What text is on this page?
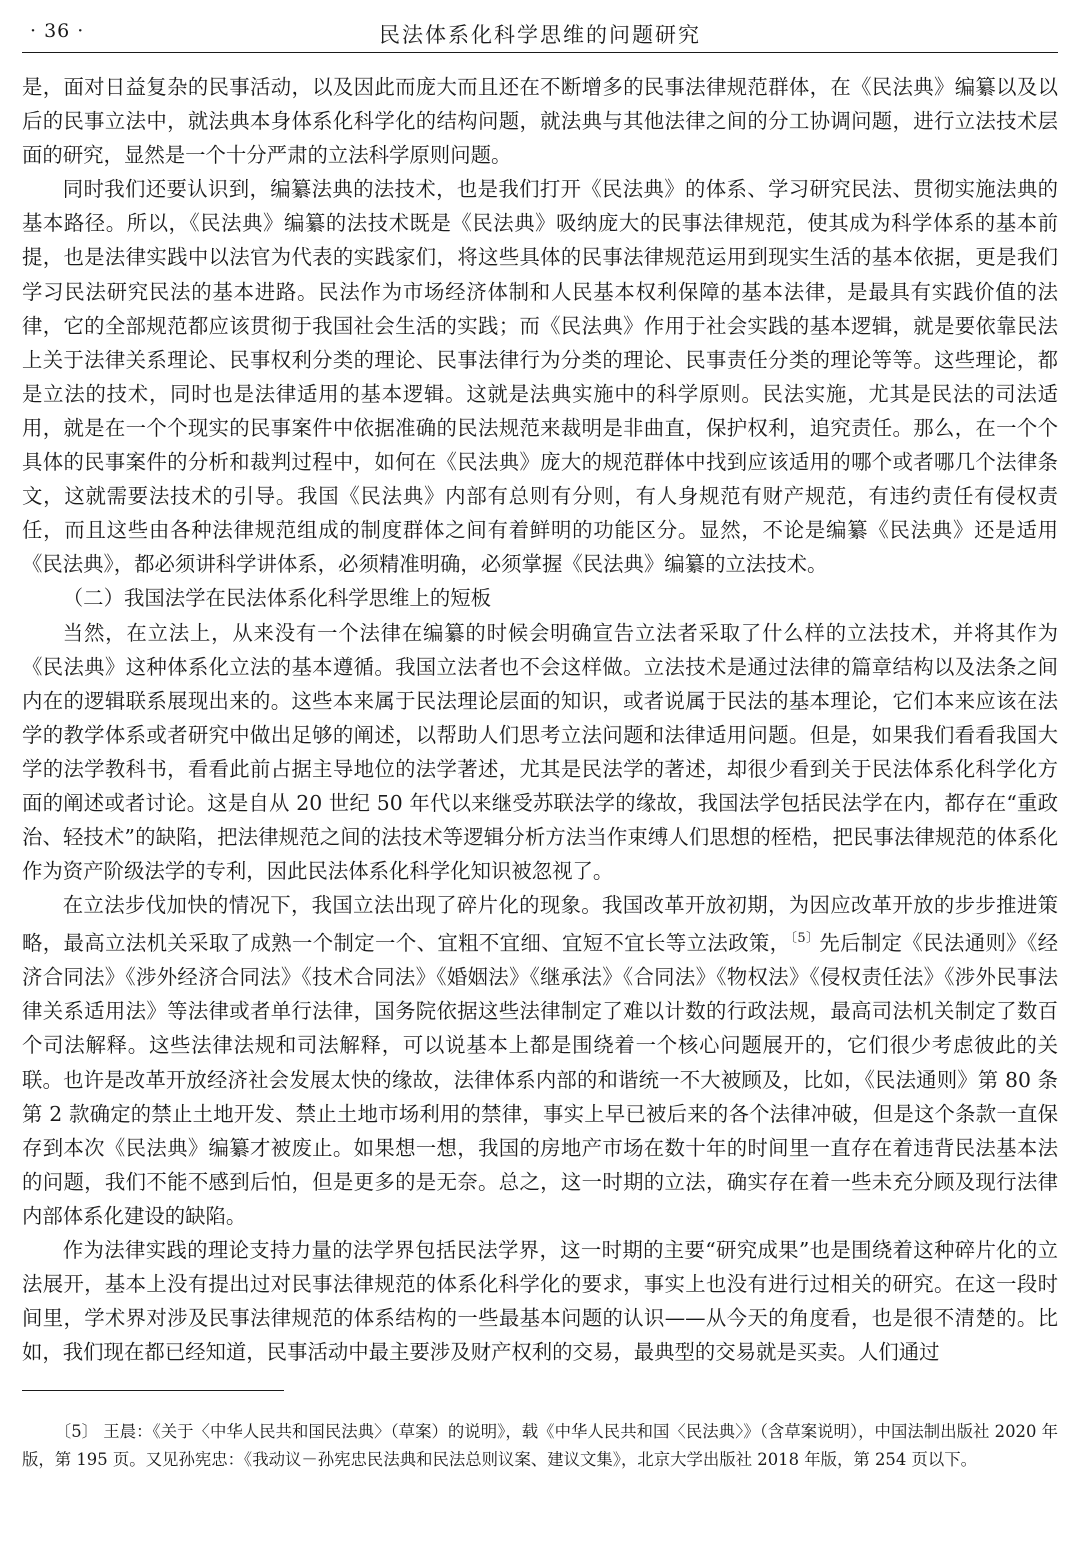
· 36 ·	民法体系化科学思维的问题研究

是，面对日益复杂的民事活动，以及因此而庞大而且还在不断增多的民事法律规范群体，在《民法典》编纂以及以后的民事立法中，就法典本身体系化科学化的结构问题，就法典与其他法律之间的分工协调问题，进行立法技术层面的研究，显然是一个十分严肃的立法科学原则问题。

同时我们还要认识到，编纂法典的法技术，也是我们打开《民法典》的体系、学习研究民法、贯彻实施法典的基本路径。所以，《民法典》编纂的法技术既是《民法典》吸纳庞大的民事法律规范，使其成为科学体系的基本前提，也是法律实践中以法官为代表的实践家们，将这些具体的民事法律规范运用到现实生活的基本依据，更是我们学习民法研究民法的基本进路。民法作为市场经济体制和人民基本权利保障的基本法律，是最具有实践价值的法律，它的全部规范都应该贯彻于我国社会生活的实践；而《民法典》作用于社会实践的基本逻辑，就是要依靠民法上关于法律关系理论、民事权利分类的理论、民事法律行为分类的理论、民事责任分类的理论等等。这些理论，都是立法的技术，同时也是法律适用的基本逻辑。这就是法典实施中的科学原则。民法实施，尤其是民法的司法适用，就是在一个个现实的民事案件中依据准确的民法规范来裁明是非曲直，保护权利，追究责任。那么，在一个个具体的民事案件的分析和裁判过程中，如何在《民法典》庞大的规范群体中找到应该适用的哪个或者哪几个法律条文，这就需要法技术的引导。我国《民法典》内部有总则有分则，有人身规范有财产规范，有违约责任有侵权责任，而且这些由各种法律规范组成的制度群体之间有着鲜明的功能区分。显然，不论是编纂《民法典》还是适用《民法典》，都必须讲科学讲体系，必须精准明确，必须掌握《民法典》编纂的立法技术。

（二）我国法学在民法体系化科学思维上的短板

当然，在立法上，从来没有一个法律在编纂的时候会明确宣告立法者采取了什么样的立法技术，并将其作为《民法典》这种体系化立法的基本遵循。我国立法者也不会这样做。立法技术是通过法律的篇章结构以及法条之间内在的逻辑联系展现出来的。这些本来属于民法理论层面的知识，或者说属于民法的基本理论，它们本来应该在法学的教学体系或者研究中做出足够的阐述，以帮助人们思考立法问题和法律适用问题。但是，如果我们看看我国大学的法学教科书，看看此前占据主导地位的法学著述，尤其是民法学的著述，却很少看到关于民法体系化科学化方面的阐述或者讨论。这是自从 20 世纪 50 年代以来继受苏联法学的缘故，我国法学包括民法学在内，都存在“重政治、轻技术”的缺陷，把法律规范之间的法技术等逻辑分析方法当作束缚人们思想的桎梏，把民事法律规范的体系化作为资产阶级法学的专利，因此民法体系化科学化知识被忽视了。

在立法步伐加快的情况下，我国立法出现了碎片化的现象。我国改革开放初期，为因应改革开放的步步推进策略，最高立法机关采取了成熟一个制定一个、宜粗不宜细、宜短不宜长等立法政策，$^{〔5〕}$先后制定《民法通则》《经济合同法》《涉外经济合同法》《技术合同法》《婚姻法》《继承法》《合同法》《物权法》《侵权责任法》《涉外民事法律关系适用法》等法律或者单行法律，国务院依据这些法律制定了难以计数的行政法规，最高司法机关制定了数百个司法解释。这些法律法规和司法解释，可以说基本上都是围绕着一个核心问题展开的，它们很少考虑彼此的关联。也许是改革开放经济社会发展太快的缘故，法律体系内部的和谐统一不大被顾及，比如，《民法通则》第 80 条第 2 款确定的禁止土地开发、禁止土地市场利用的禁律，事实上早已被后来的各个法律冲破，但是这个条款一直保存到本次《民法典》编纂才被废止。如果想一想，我国的房地产市场在数十年的时间里一直存在着违背民法基本法的问题，我们不能不感到后怕，但是更多的是无奈。总之，这一时期的立法，确实存在着一些未充分顾及现行法律内部体系化建设的缺陷。

作为法律实践的理论支持力量的法学界包括民法学界，这一时期的主要“研究成果”也是围绕着这种碎片化的立法展开，基本上没有提出过对民事法律规范的体系化科学化的要求，事实上也没有进行过相关的研究。在这一段时间里，学术界对涉及民事法律规范的体系结构的一些最基本问题的认识——从今天的角度看，也是很不清楚的。比如，我们现在都已经知道，民事活动中最主要涉及财产权利的交易，最典型的交易就是买卖。人们通过

〔5〕 王晨：《关于〈中华人民共和国民法典〉（草案）的说明》，载《中华人民共和国〈民法典〉》（含草案说明），中国法制出版社 2020 年版，第 195 页。又见孙宪忠：《我动议－孙宪忠民法典和民法总则议案、建议文集》，北京大学出版社 2018 年版，第 254 页以下。
